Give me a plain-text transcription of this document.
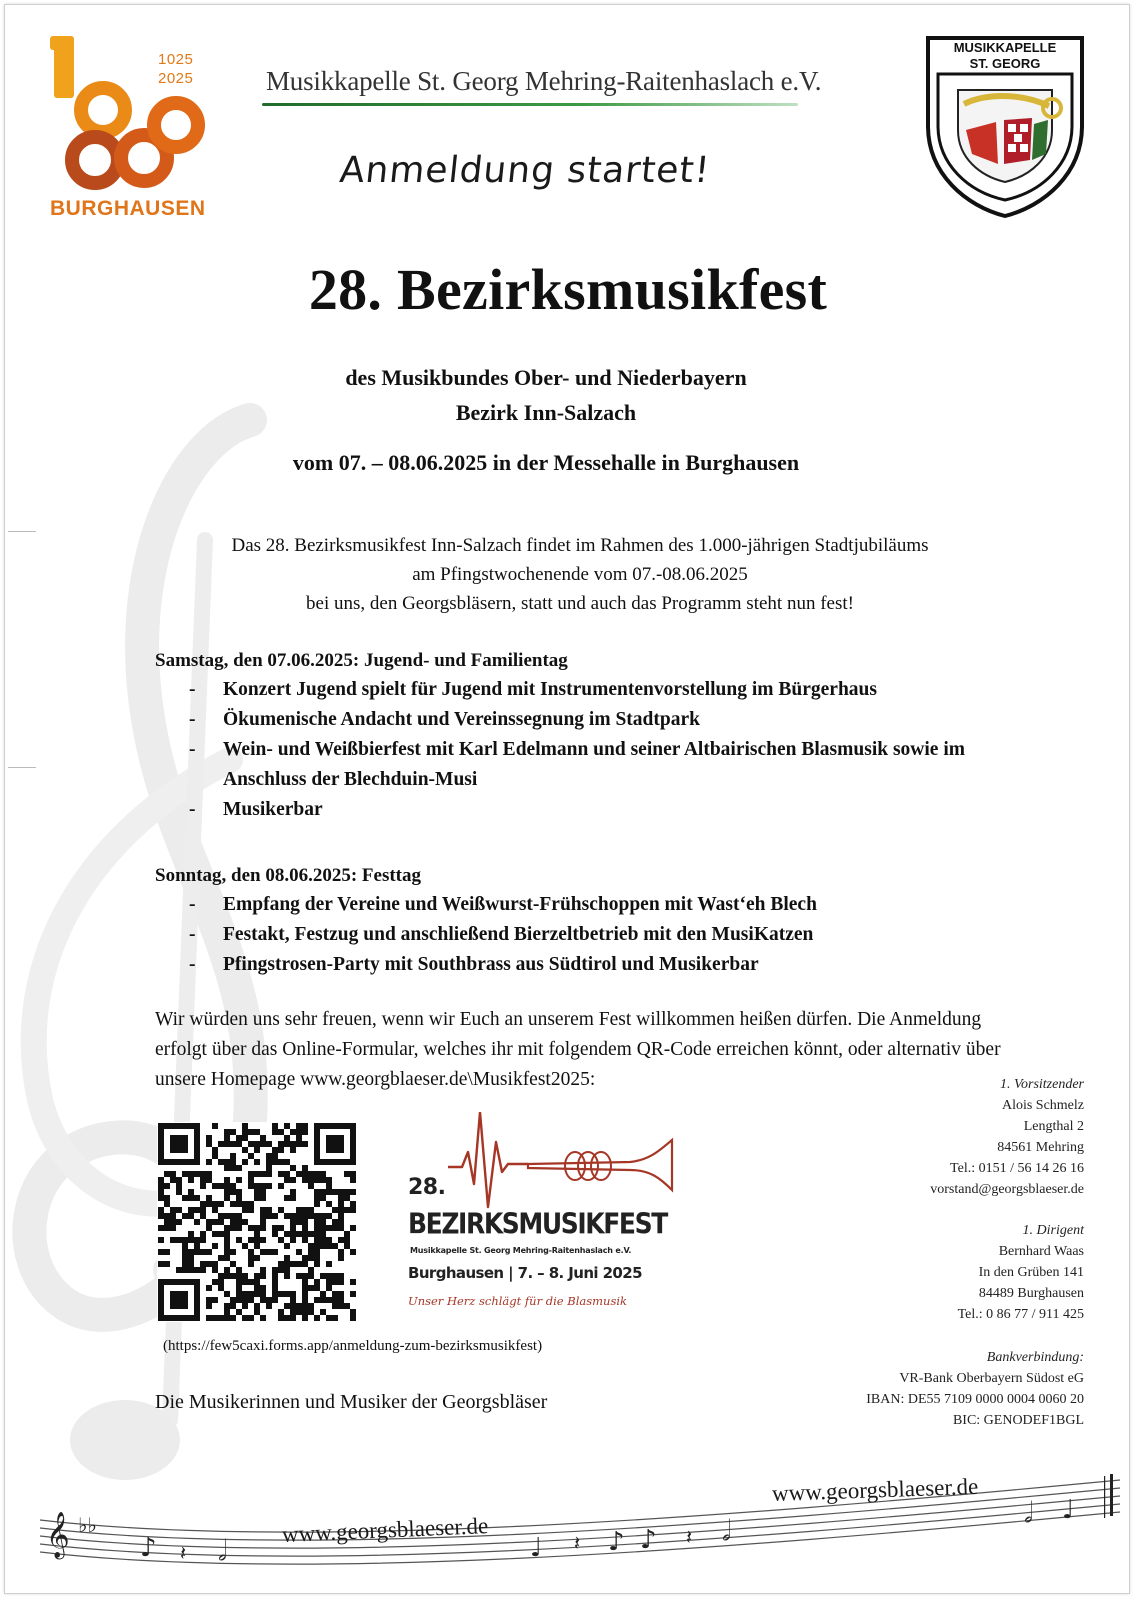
1025
2025
BURGHAUSEN
Musikkapelle St. Georg Mehring-Raitenhaslach e.V.
MUSIKKAPELLE
ST. GEORG
Anmeldung startet!
28. Bezirksmusikfest
des Musikbundes Ober- und Niederbayern
Bezirk Inn-Salzach
vom 07. – 08.06.2025 in der Messehalle in Burghausen
Das 28. Bezirksmusikfest Inn-Salzach findet im Rahmen des 1.000-jährigen Stadtjubiläums
am Pfingstwochenende vom 07.-08.06.2025
bei uns, den Georgsbläsern, statt und auch das Programm steht nun fest!
Samstag, den 07.06.2025: Jugend- und Familientag
- Konzert Jugend spielt für Jugend mit Instrumentenvorstellung im Bürgerhaus
- Ökumenische Andacht und Vereinssegnung im Stadtpark
- Wein- und Weißbierfest mit Karl Edelmann und seiner Altbairischen Blasmusik sowie im Anschluss der Blechduin-Musi
- Musikerbar
Sonntag, den 08.06.2025: Festtag
- Empfang der Vereine und Weißwurst-Frühschoppen mit Wast‘eh Blech
- Festakt, Festzug und anschließend Bierzeltbetrieb mit den MusiKatzen
- Pfingstrosen-Party mit Southbrass aus Südtirol und Musikerbar

Wir würden uns sehr freuen, wenn wir Euch an unserem Fest willkommen heißen dürfen. Die Anmeldung erfolgt über das Online-Formular, welches ihr mit folgendem QR-Code erreichen könnt, oder alternativ über unsere Homepage www.georgblaeser.de\Musikfest2025:	1. Vorsitzender
Alois Schmelz
Lengthal 2
84561 Mehring
Tel.: 0151 / 56 14 26 16
vorstand@georgsblaeser.de
1. Dirigent
Bernhard Waas
In den Grüben 141
84489 Burghausen
Tel.: 0 86 77 / 911 425
Bankverbindung:
VR-Bank Oberbayern Südost eG
IBAN: DE55 7109 0000 0004 0060 20
BIC: GENODEF1BGL
28.
BEZIRKSMUSIKFEST
Musikkapelle St. Georg Mehring-Raitenhaslach e.V.
Burghausen | 7. – 8. Juni 2025
Unser Herz schlägt für die Blasmusik
(https://few5caxi.forms.app/anmeldung-zum-bezirksmusikfest)
Die Musikerinnen und Musiker der Georgsbläser
𝄞 ♭♭
♪ 𝄽 𝅗𝅥	♩ 𝄽 ♪ ♪ 𝄽 𝅗𝅥
𝅗𝅥 ♩
www.georgsblaeser.de
www.georgsblaeser.de
